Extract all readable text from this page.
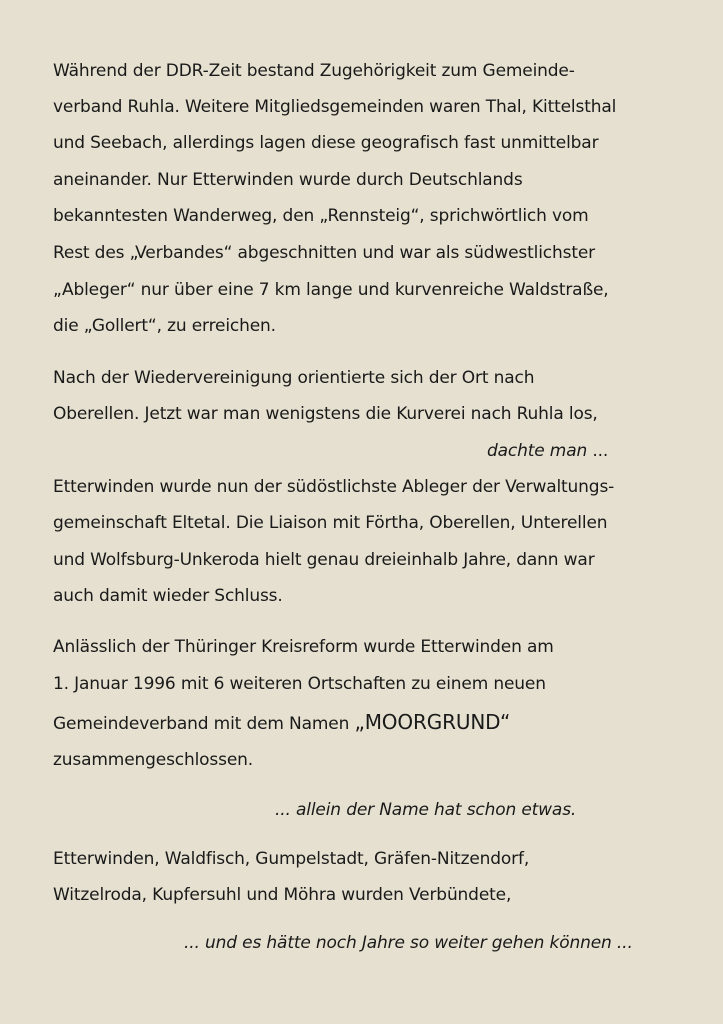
Während der DDR-Zeit bestand Zugehörigkeit zum Gemeinde-
verband Ruhla. Weitere Mitgliedsgemeinden waren Thal, Kittelsthal
und Seebach, allerdings lagen diese geografisch fast unmittelbar
aneinander. Nur Etterwinden wurde durch Deutschlands
bekanntesten Wanderweg, den „Rennsteig“, sprichwörtlich vom
Rest des „Verbandes“ abgeschnitten und war als südwestlichster
„Ableger“ nur über eine 7 km lange und kurvenreiche Waldstraße,
die „Gollert“, zu erreichen.
Nach der Wiedervereinigung orientierte sich der Ort nach
Oberellen. Jetzt war man wenigstens die Kurverei nach Ruhla los,
dachte man ...
Etterwinden wurde nun der südöstlichste Ableger der Verwaltungs-
gemeinschaft Eltetal. Die Liaison mit Förtha, Oberellen, Unterellen
und Wolfsburg-Unkeroda hielt genau dreieinhalb Jahre, dann war
auch damit wieder Schluss.
Anlässlich der Thüringer Kreisreform wurde Etterwinden am
1. Januar 1996 mit 6 weiteren Ortschaften zu einem neuen
Gemeindeverband mit dem Namen „MOORGRUND“
zusammengeschlossen.
... allein der Name hat schon etwas.
Etterwinden, Waldfisch, Gumpelstadt, Gräfen-Nitzendorf,
Witzelroda, Kupfersuhl und Möhra wurden Verbündete,
... und es hätte noch Jahre so weiter gehen können ...
